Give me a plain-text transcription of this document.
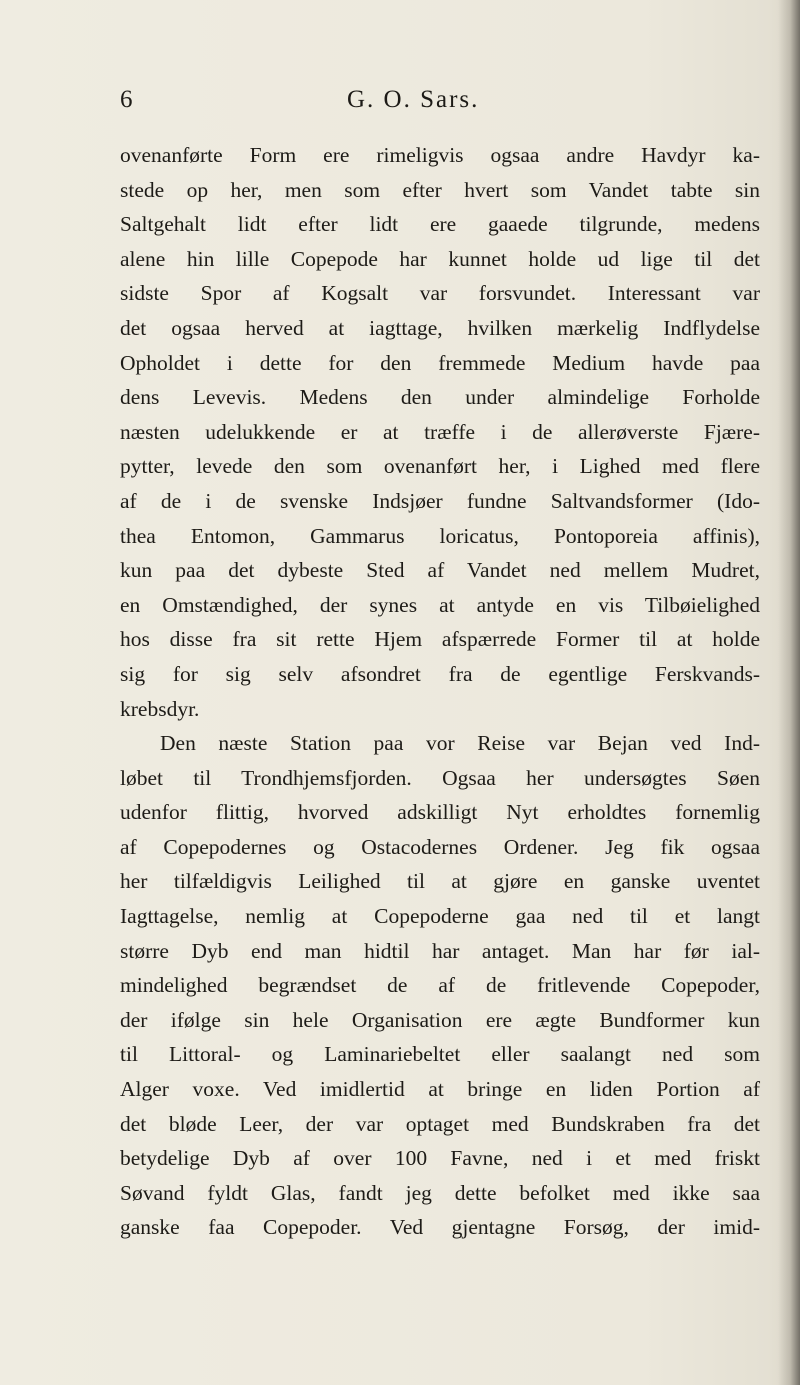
6	G. O. Sars.
ovenanførte Form ere rimeligvis ogsaa andre Havdyr ka-
stede op her, men som efter hvert som Vandet tabte sin
Saltgehalt lidt efter lidt ere gaaede tilgrunde, medens
alene hin lille Copepode har kunnet holde ud lige til det
sidste Spor af Kogsalt var forsvundet. Interessant var
det ogsaa herved at iagttage, hvilken mærkelig Indflydelse
Opholdet i dette for den fremmede Medium havde paa
dens Levevis. Medens den under almindelige Forholde
næsten udelukkende er at træffe i de allerøverste Fjære-
pytter, levede den som ovenanført her, i Lighed med flere
af de i de svenske Indsjøer fundne Saltvandsformer (Ido-
thea Entomon, Gammarus loricatus, Pontoporeia affinis),
kun paa det dybeste Sted af Vandet ned mellem Mudret,
en Omstændighed, der synes at antyde en vis Tilbøielighed
hos disse fra sit rette Hjem afspærrede Former til at holde
sig for sig selv afsondret fra de egentlige Ferskvands-
krebsdyr.
Den næste Station paa vor Reise var Bejan ved Ind-
løbet til Trondhjemsfjorden. Ogsaa her undersøgtes Søen
udenfor flittig, hvorved adskilligt Nyt erholdtes fornemlig
af Copepodernes og Ostacodernes Ordener. Jeg fik ogsaa
her tilfældigvis Leilighed til at gjøre en ganske uventet
Iagttagelse, nemlig at Copepoderne gaa ned til et langt
større Dyb end man hidtil har antaget. Man har før ial-
mindelighed begrændset de af de fritlevende Copepoder,
der ifølge sin hele Organisation ere ægte Bundformer kun
til Littoral- og Laminariebeltet eller saalangt ned som
Alger voxe. Ved imidlertid at bringe en liden Portion af
det bløde Leer, der var optaget med Bundskraben fra det
betydelige Dyb af over 100 Favne, ned i et med friskt
Søvand fyldt Glas, fandt jeg dette befolket med ikke saa
ganske faa Copepoder. Ved gjentagne Forsøg, der imid-
